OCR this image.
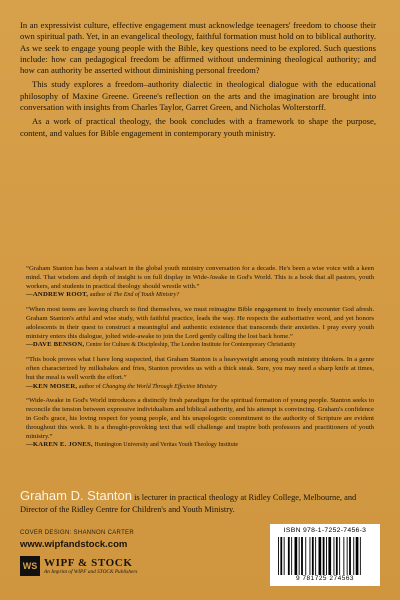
In an expressivist culture, effective engagement must acknowledge teenagers' freedom to choose their own spiritual path. Yet, in an evangelical theology, faithful formation must hold on to biblical authority. As we seek to engage young people with the Bible, key questions need to be explored. Such questions include: how can pedagogical freedom be affirmed without undermining theological authority; and how can authority be asserted without diminishing personal freedom?

This study explores a freedom–authority dialectic in theological dialogue with the educational philosophy of Maxine Greene. Greene's reflection on the arts and the imagination are brought into conversation with insights from Charles Taylor, Garret Green, and Nicholas Wolterstorff.

As a work of practical theology, the book concludes with a framework to shape the purpose, content, and values for Bible engagement in contemporary youth ministry.

“Graham Stanton has been a stalwart in the global youth ministry conversation for a decade. He's been a wise voice with a keen mind. That wisdom and depth of insight is on full display in Wide-Awake in God's World. This is a book that all pastors, youth workers, and students in practical theology should wrestle with.”
—ANDREW ROOT, author of The End of Youth Ministry?
“When most teens are leaving church to find themselves, we must reimagine Bible engagement to freely encounter God afresh. Graham Stanton's artful and wise study, with faithful practice, leads the way. He respects the authoritative word, and yet honors adolescents in their quest to construct a meaningful and authentic existence that transcends their anxieties. I pray every youth ministry enters this dialogue, jolted wide-awake to join the Lord gently calling the lost back home.”
—DAVE BENSON, Centre for Culture & Discipleship, The London Institute for Contemporary Christianity
“This book proves what I have long suspected, that Graham Stanton is a heavyweight among youth ministry thinkers. In a genre often characterized by milkshakes and fries, Stanton provides us with a thick steak. Sure, you may need a sharp knife at times, but the meal is well worth the effort.”
—KEN MOSER, author of Changing the World Through Effective Ministry
“Wide-Awake in God's World introduces a distinctly fresh paradigm for the spiritual formation of young people. Stanton seeks to reconcile the tension between expressive individualism and biblical authority, and his attempt is convincing. Graham's confidence in God's grace, his loving respect for young people, and his unapologetic commitment to the authority of Scripture are evident throughout this work. It is a thought-provoking text that will challenge and inspire both professors and practitioners of youth ministry.”
—KAREN E. JONES, Huntington University and Veritas Youth Theology Institute
Graham D. Stanton is lecturer in practical theology at Ridley College, Melbourne, and Director of the Ridley Centre for Children's and Youth Ministry.
COVER DESIGN: SHANNON CARTER
www.wipfandstock.com
WS WIPF & STOCK
An Imprint of WIPF and STOCK Publishers
ISBN 978-1-7252-7456-3
9 781725 274563
